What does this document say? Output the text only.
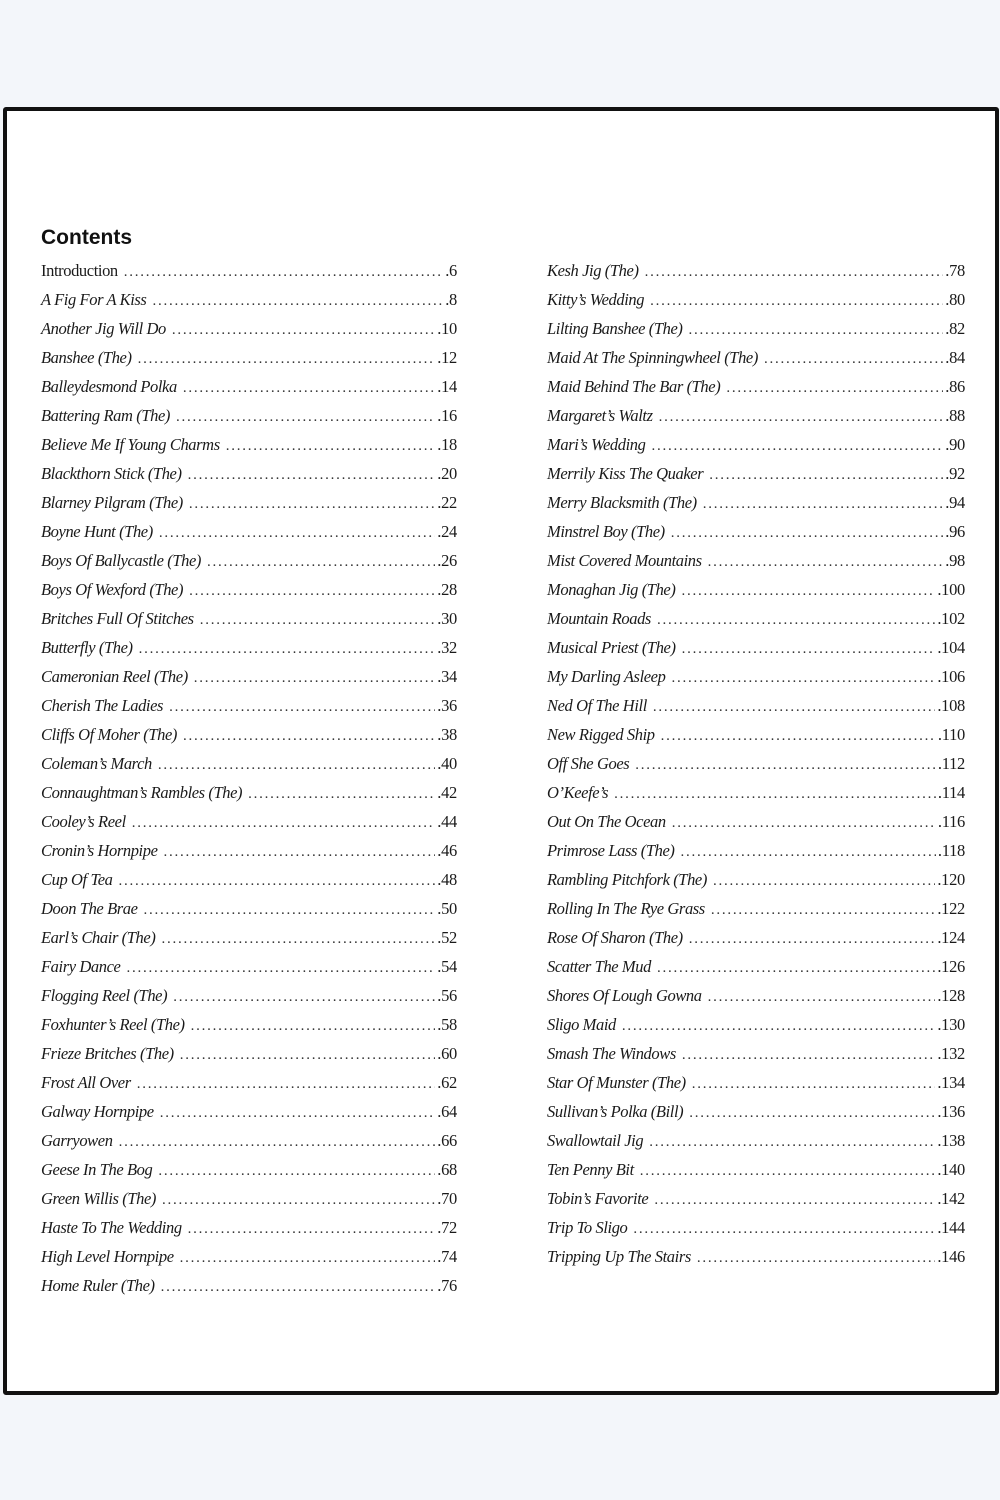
Contents
Introduction . . .	.6
A Fig For A Kiss . . .	.8
Another Jig Will Do . . .	.10
Banshee (The) . . .	.12
Balleydesmond Polka . . .	.14
Battering Ram (The) . . .	.16
Believe Me If Young Charms . . .	.18
Blackthorn Stick (The) . . .	.20
Blarney Pilgram (The) . . .	.22
Boyne Hunt (The) . . .	.24
Boys Of Ballycastle (The) . . .	.26
Boys Of Wexford (The) . . .	.28
Britches Full Of Stitches . . .	.30
Butterfly (The) . . .	.32
Cameronian Reel (The) . . .	.34
Cherish The Ladies . . .	.36
Cliffs Of Moher (The) . . .	.38
Coleman’s March . . .	.40
Connaughtman’s Rambles (The) . . .	.42
Cooley’s Reel . . .	.44
Cronin’s Hornpipe . . .	.46
Cup Of Tea . . .	.48
Doon The Brae . . .	.50
Earl’s Chair (The) . . .	.52
Fairy Dance . . .	.54
Flogging Reel (The) . . .	.56
Foxhunter’s Reel (The) . . .	.58
Frieze Britches (The) . . .	.60
Frost All Over . . .	.62
Galway Hornpipe . . .	.64
Garryowen . . .	.66
Geese In The Bog . . .	.68
Green Willis (The) . . .	.70
Haste To The Wedding . . .	.72
High Level Hornpipe . . .	.74
Home Ruler (The) . . .	.76
Kesh Jig (The) . . .	.78
Kitty’s Wedding . . .	.80
Lilting Banshee (The) . . .	.82
Maid At The Spinningwheel (The) . . .	.84
Maid Behind The Bar (The) . . .	.86
Margaret’s Waltz . . .	.88
Mari’s Wedding . . .	.90
Merrily Kiss The Quaker . . .	.92
Merry Blacksmith (The) . . .	.94
Minstrel Boy (The) . . .	.96
Mist Covered Mountains . . .	.98
Monaghan Jig (The) . . .	.100
Mountain Roads . . .	.102
Musical Priest (The) . . .	.104
My Darling Asleep . . .	.106
Ned Of The Hill . . .	.108
New Rigged Ship . . .	.110
Off She Goes . . .	.112
O’Keefe’s . . .	.114
Out On The Ocean . . .	.116
Primrose Lass (The) . . .	.118
Rambling Pitchfork (The) . . .	.120
Rolling In The Rye Grass . . .	.122
Rose Of Sharon (The) . . .	.124
Scatter The Mud . . .	.126
Shores Of Lough Gowna . . .	.128
Sligo Maid . . .	.130
Smash The Windows . . .	.132
Star Of Munster (The) . . .	.134
Sullivan’s Polka (Bill) . . .	.136
Swallowtail Jig . . .	.138
Ten Penny Bit . . .	.140
Tobin’s Favorite . . .	.142
Trip To Sligo . . .	.144
Tripping Up The Stairs . . .	.146
